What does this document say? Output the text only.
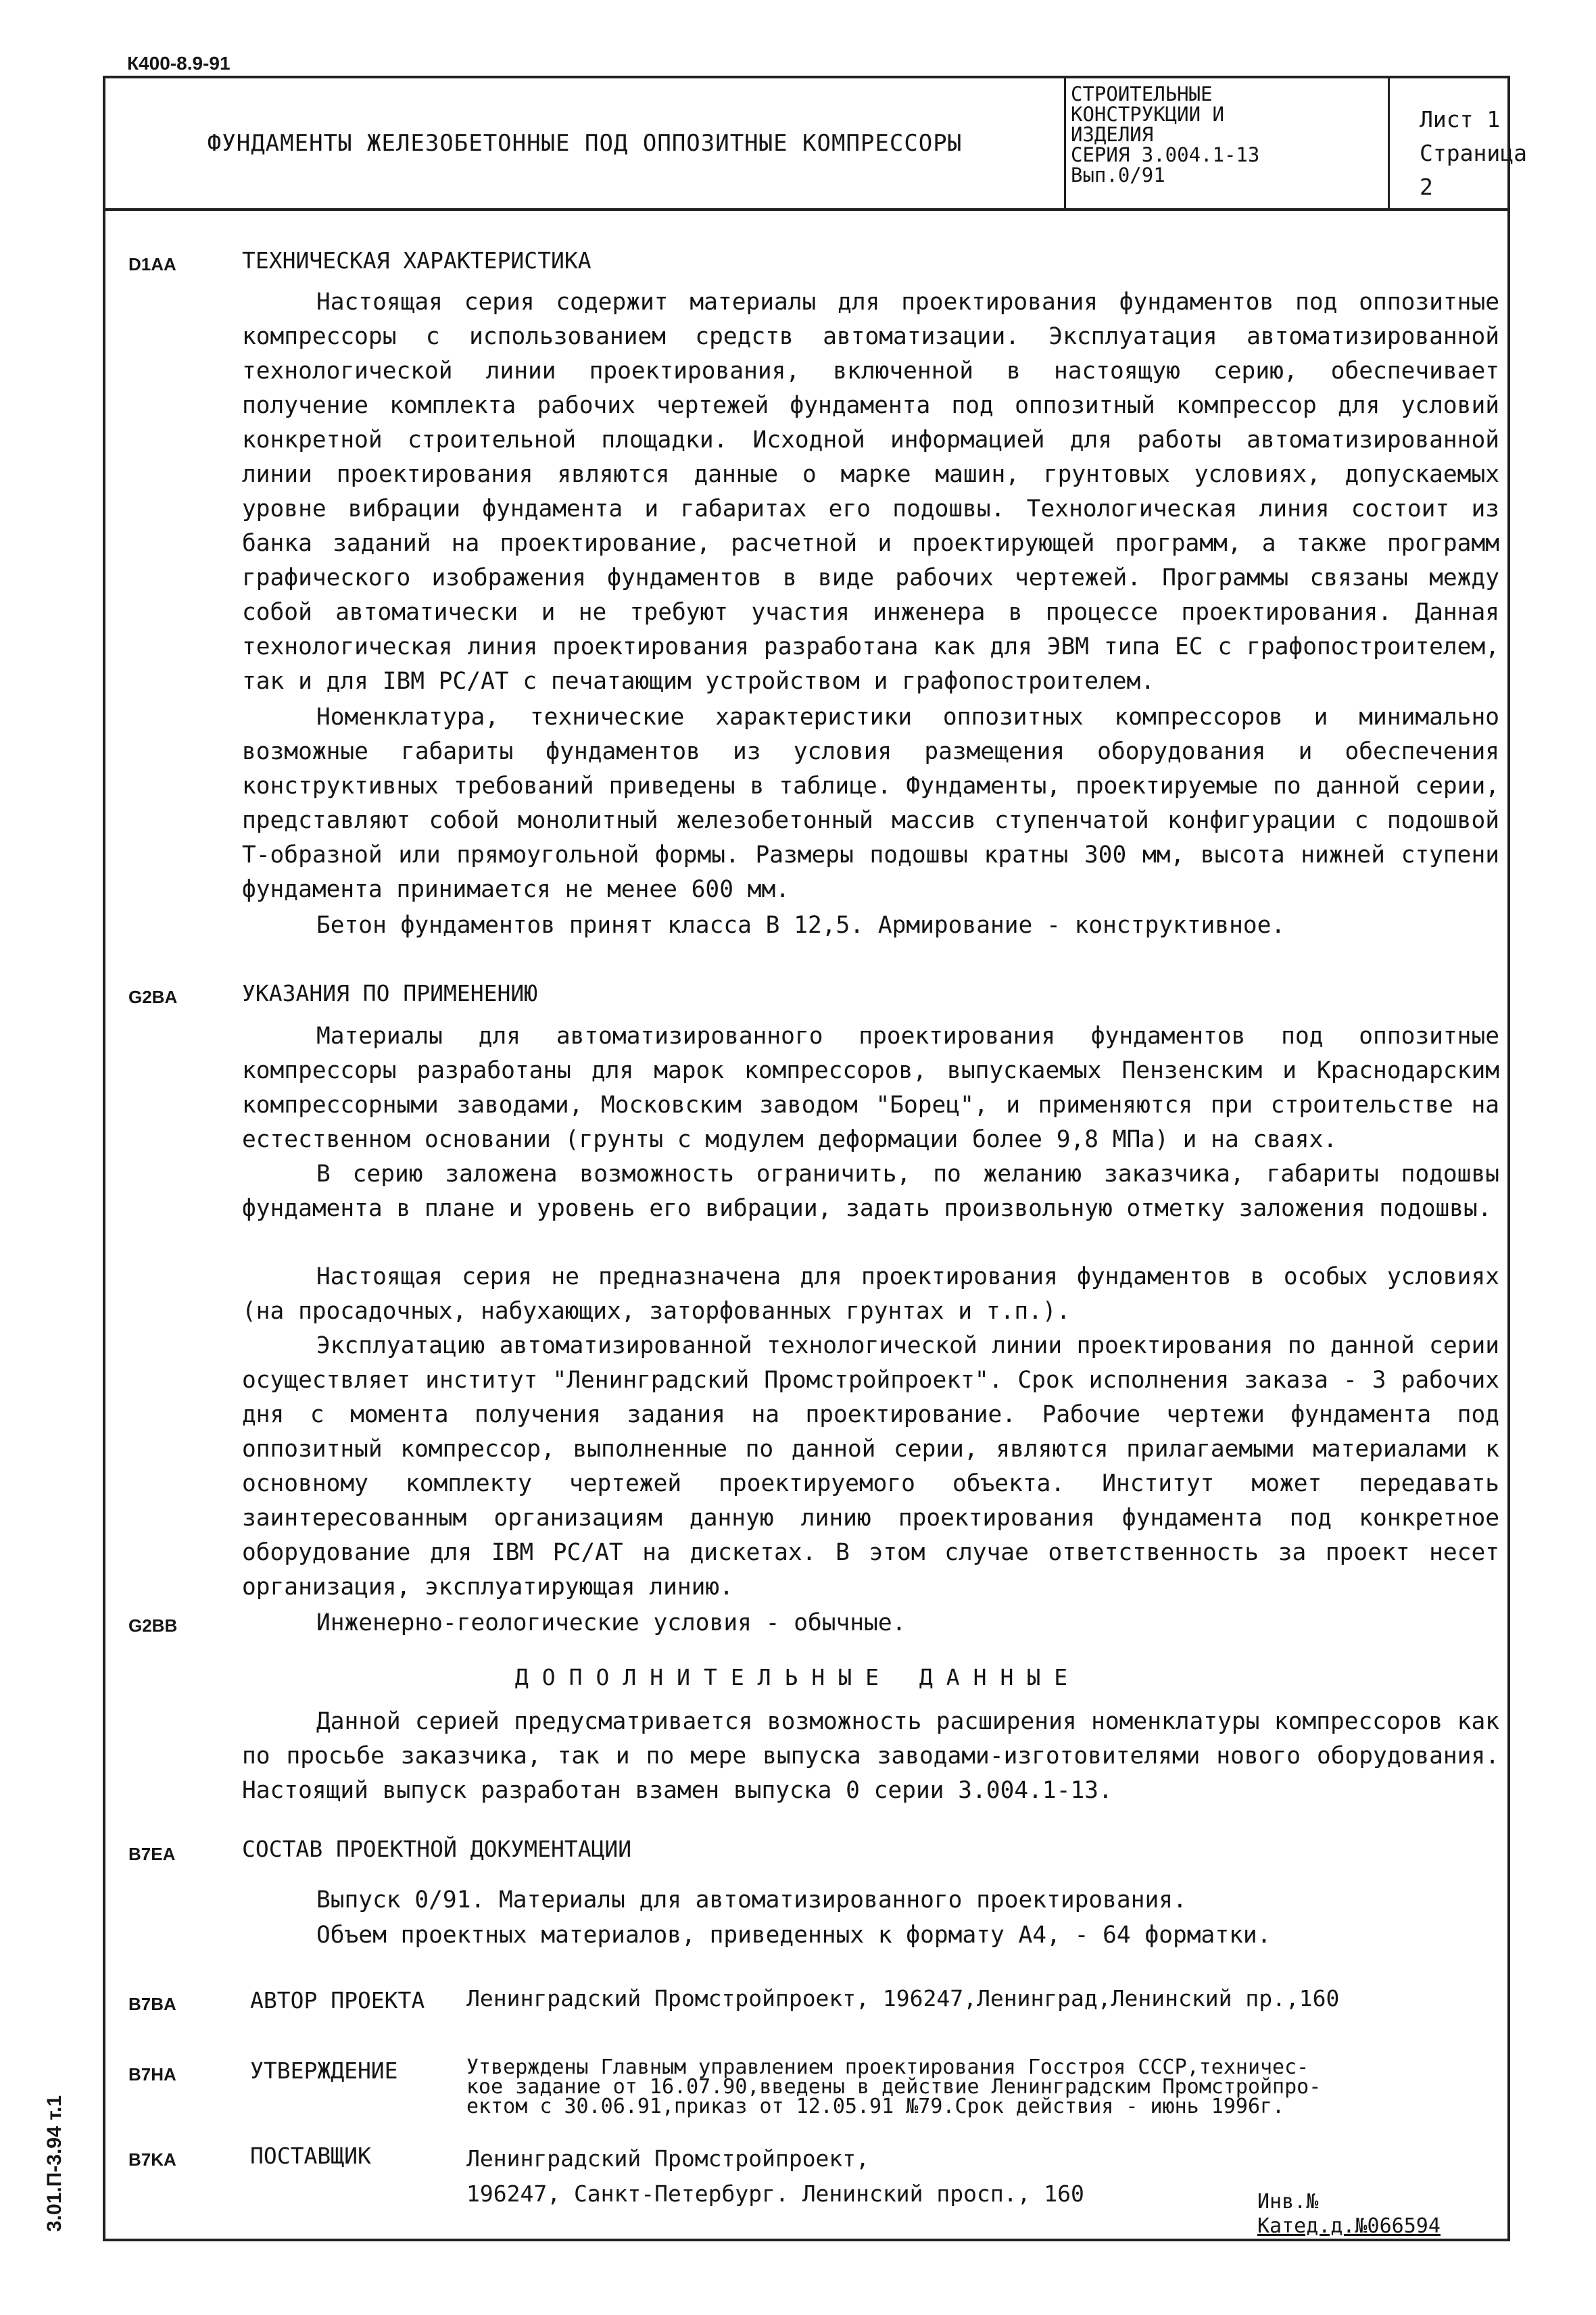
К400-8.9-91
ФУНДАМЕНТЫ ЖЕЛЕЗОБЕТОННЫЕ ПОД ОППОЗИТНЫЕ КОМПРЕССОРЫ
СТРОИТЕЛЬНЫЕ
КОНСТРУКЦИИ И
ИЗДЕЛИЯ
СЕРИЯ 3.004.1-13
Вып.0/91
Лист 1
Страница 2
D1AA	ТЕХНИЧЕСКАЯ ХАРАКТЕРИСТИКА

Настоящая серия содержит материалы для проектирования фундаментов под оппозитные компрессоры с использованием средств автоматизации. Эксплуатация автоматизированной технологической линии проектирования, включенной в настоящую серию, обеспечивает получение комплекта рабочих чертежей фундамента под оппозитный компрессор для условий конкретной строительной площадки. Исходной информацией для работы автоматизированной линии проектирования являются данные о марке машин, грунтовых условиях, допускаемых уровне вибрации фундамента и габаритах его подошвы. Технологическая линия состоит из банка заданий на проектирование, расчетной и проектирующей программ, а также программ графического изображения фундаментов в виде рабочих чертежей. Программы связаны между собой автоматически и не требуют участия инженера в процессе проектирования. Данная технологическая линия проектирования разработана как для ЭВМ типа ЕС с графопостроителем, так и для IBM PC/AT с печатающим устройством и графопостроителем.

Номенклатура, технические характеристики оппозитных компрессоров и минимально возможные габариты фундаментов из условия размещения оборудования и обеспечения конструктивных требований приведены в таблице. Фундаменты, проектируемые по данной серии, представляют собой монолитный железобетонный массив ступенчатой конфигурации с подошвой Т-образной или прямоугольной формы. Размеры подошвы кратны 300 мм, высота нижней ступени фундамента принимается не менее 600 мм.

Бетон фундаментов принят класса В 12,5. Армирование - конструктивное.

G2BA	УКАЗАНИЯ ПО ПРИМЕНЕНИЮ

Материалы для автоматизированного проектирования фундаментов под оппозитные компрессоры разработаны для марок компрессоров, выпускаемых Пензенским и Краснодарским компрессорными заводами, Московским заводом "Борец", и применяются при строительстве на естественном основании (грунты с модулем деформации более 9,8 МПа) и на сваях.

В серию заложена возможность ограничить, по желанию заказчика, габариты подошвы фундамента в плане и уровень его вибрации, задать произвольную отметку заложения подошвы.

Настоящая серия не предназначена для проектирования фундаментов в особых условиях (на просадочных, набухающих, заторфованных грунтах и т.п.).

Эксплуатацию автоматизированной технологической линии проектирования по данной серии осуществляет институт "Ленинградский Промстройпроект". Срок исполнения заказа - 3 рабочих дня с момента получения задания на проектирование. Рабочие чертежи фундамента под оппозитный компрессор, выполненные по данной серии, являются прилагаемыми материалами к основному комплекту чертежей проектируемого объекта. Институт может передавать заинтересованным организациям данную линию проектирования фундамента под конкретное оборудование для IBM PC/AT на дискетах. В этом случае ответственность за проект несет организация, эксплуатирующая линию.

G2BB	Инженерно-геологические условия - обычные.

ДОПОЛНИТЕЛЬНЫЕ ДАННЫЕ

Данной серией предусматривается возможность расширения номенклатуры компрессоров как по просьбе заказчика, так и по мере выпуска заводами-изготовителями нового оборудования. Настоящий выпуск разработан взамен выпуска 0 серии 3.004.1-13.

B7EA	СОСТАВ ПРОЕКТНОЙ ДОКУМЕНТАЦИИ

Выпуск 0/91. Материалы для автоматизированного проектирования.

Объем проектных материалов, приведенных к формату А4, - 64 форматки.

B7BA	АВТОР ПРОЕКТА Ленинградский Промстройпроект, 196247,Ленинград,Ленинский пр.,160
B7HA	УТВЕРЖДЕНИЕ	Утверждены Главным управлением проектирования Госстроя СССР,техничес-
кое задание от 16.07.90,введены в действие Ленинградским Промстройпро-
ектом с 30.06.91,приказ от 12.05.91 №79.Срок действия - июнь 1996г.
B7KA	ПОСТАВЩИК	Ленинградский Промстройпроект,
196247, Санкт-Петербург. Ленинский просп., 160	Инв.№
Катед.д.№066594
3.01.П-3.94 т.1
